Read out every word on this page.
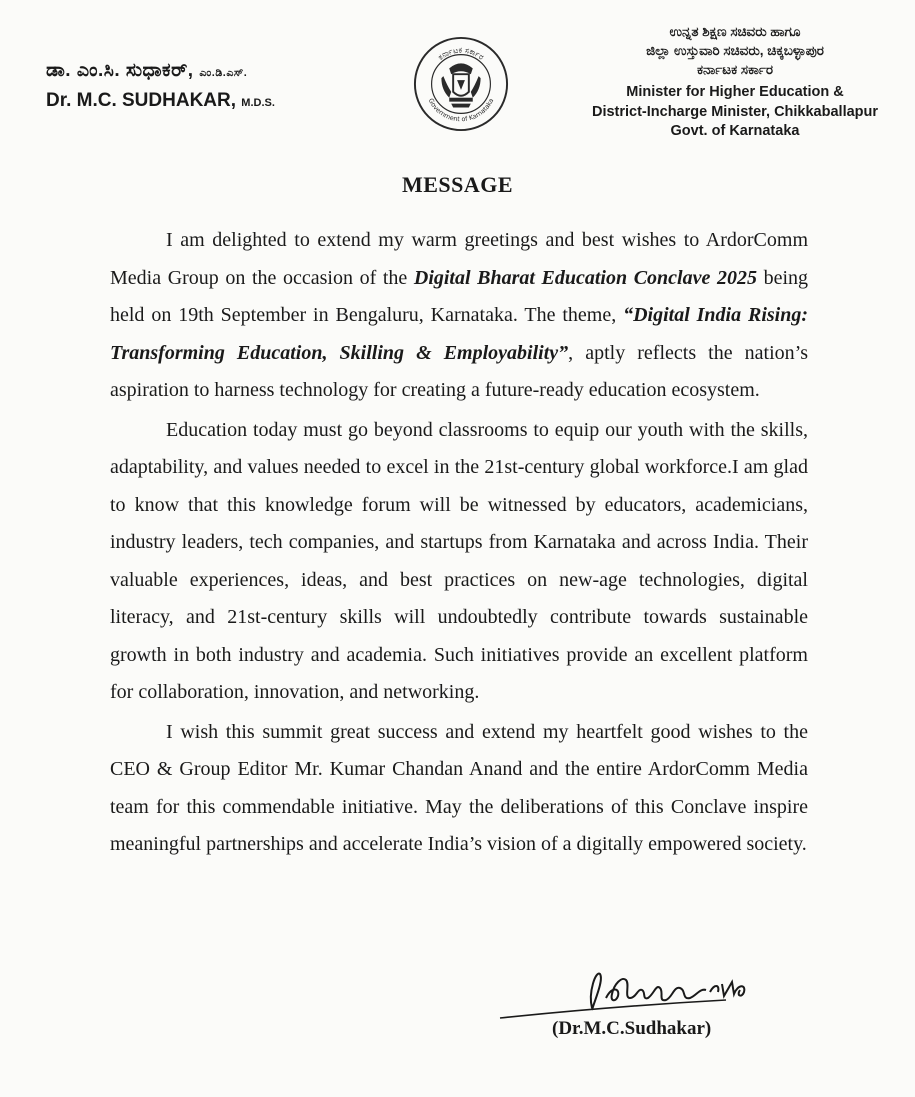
ಡಾ. ಎಂ.ಸಿ. ಸುಧಾಕರ್, ಎಂ.ಡಿ.ಎಸ್.
Dr. M.C. SUDHAKAR, M.D.S.
ಕರ್ನಾಟಕ ಸರ್ಕಾರ
Government of Karnataka
ಉನ್ನತ ಶಿಕ್ಷಣ ಸಚಿವರು ಹಾಗೂ
ಜಿಲ್ಲಾ ಉಸ್ತುವಾರಿ ಸಚಿವರು, ಚಿಕ್ಕಬಳ್ಳಾಪುರ
ಕರ್ನಾಟಕ ಸರ್ಕಾರ
Minister for Higher Education &
District-Incharge Minister, Chikkaballapur
Govt. of Karnataka
MESSAGE

I am delighted to extend my warm greetings and best wishes to ArdorComm Media Group on the occasion of the Digital Bharat Education Conclave 2025 being held on 19th September in Bengaluru, Karnataka. The theme, “Digital India Rising: Transforming Education, Skilling & Employability”, aptly reflects the nation’s aspiration to harness technology for creating a future-ready education ecosystem.

Education today must go beyond classrooms to equip our youth with the skills, adaptability, and values needed to excel in the 21st-century global workforce.I am glad to know that this knowledge forum will be witnessed by educators, academicians, industry leaders, tech companies, and startups from Karnataka and across India. Their valuable experiences, ideas, and best practices on new-age technologies, digital literacy, and 21st-century skills will undoubtedly contribute towards sustainable growth in both industry and academia. Such initiatives provide an excellent platform for collaboration, innovation, and networking.

I wish this summit great success and extend my heartfelt good wishes to the CEO & Group Editor Mr. Kumar Chandan Anand and the entire ArdorComm Media team for this commendable initiative. May the deliberations of this Conclave inspire meaningful partnerships and accelerate India’s vision of a digitally empowered society.

(Dr.M.C.Sudhakar)
